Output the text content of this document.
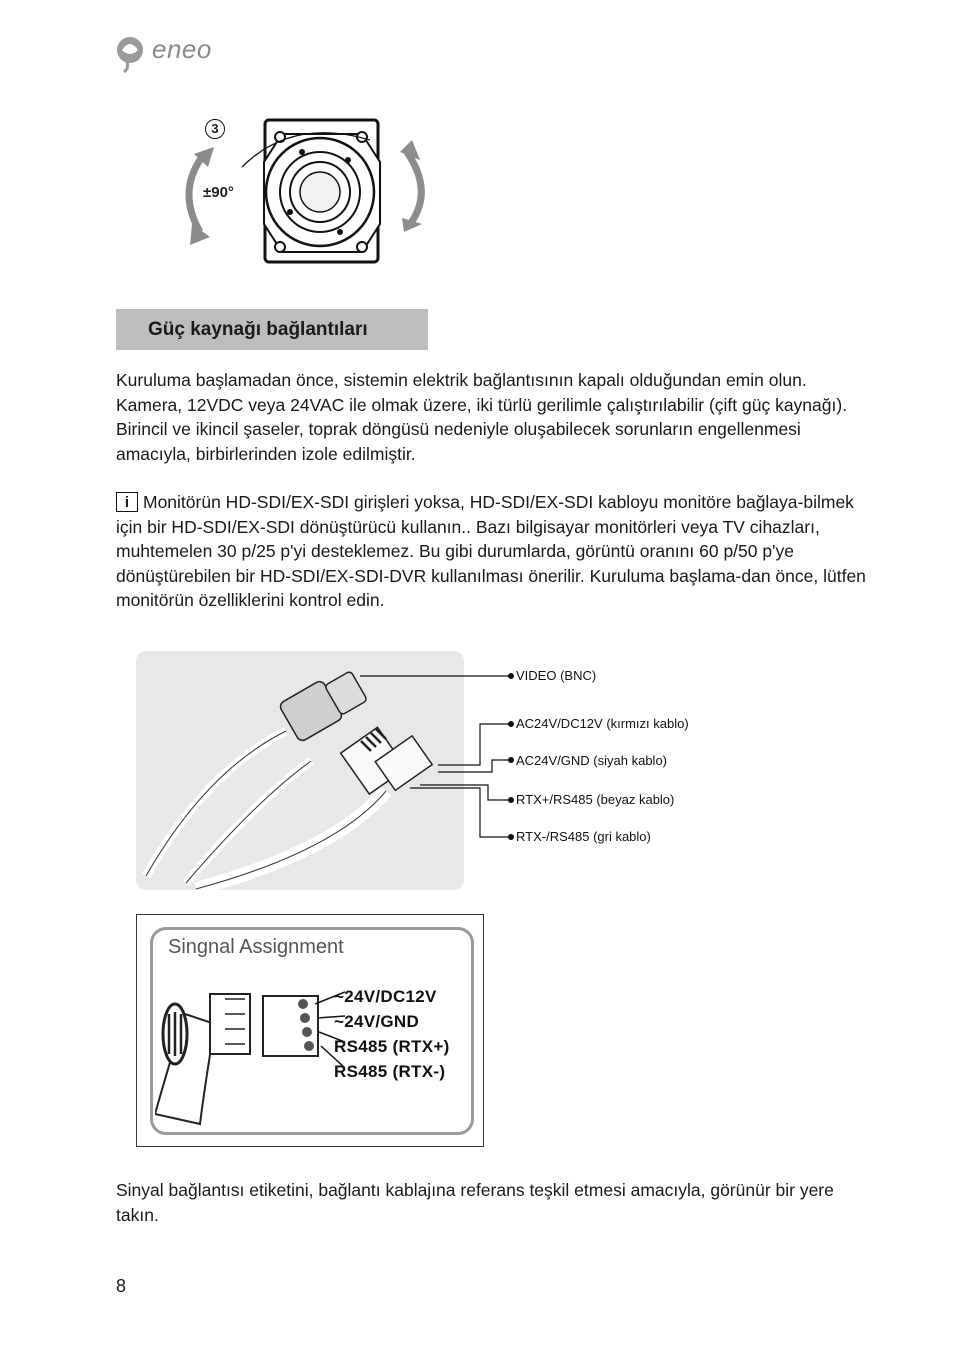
eneo
3
±90°
Güç kaynağı bağlantıları
Kuruluma başlamadan önce, sistemin elektrik bağlantısının kapalı olduğundan emin olun. Kamera, 12VDC veya 24VAC ile olmak üzere, iki türlü gerilimle çalıştırılabilir (çift güç kaynağı). Birincil ve ikincil şaseler, toprak döngüsü nedeniyle oluşabilecek sorunların engellenmesi amacıyla, birbirlerinden izole edilmiştir.
i Monitörün HD-SDI/EX-SDI girişleri yoksa, HD-SDI/EX-SDI kabloyu monitöre bağlaya-bilmek için bir HD-SDI/EX-SDI dönüştürücü kullanın.. Bazı bilgisayar monitörleri veya TV cihazları, muhtemelen 30 p/25 p'yi desteklemez. Bu gibi durumlarda, görüntü oranını 60 p/50 p'ye dönüştürebilen bir HD-SDI/EX-SDI-DVR kullanılması önerilir. Kuruluma başlama-dan önce, lütfen monitörün özelliklerini kontrol edin.
VIDEO (BNC)
AC24V/DC12V (kırmızı kablo)
AC24V/GND (siyah kablo)
RTX+/RS485 (beyaz kablo)
RTX-/RS485 (gri kablo)
Singnal Assignment
~24V/DC12V
~24V/GND
RS485 (RTX+)
RS485 (RTX-)
Sinyal bağlantısı etiketini, bağlantı kablajına referans teşkil etmesi amacıyla, görünür bir yere takın.
8
